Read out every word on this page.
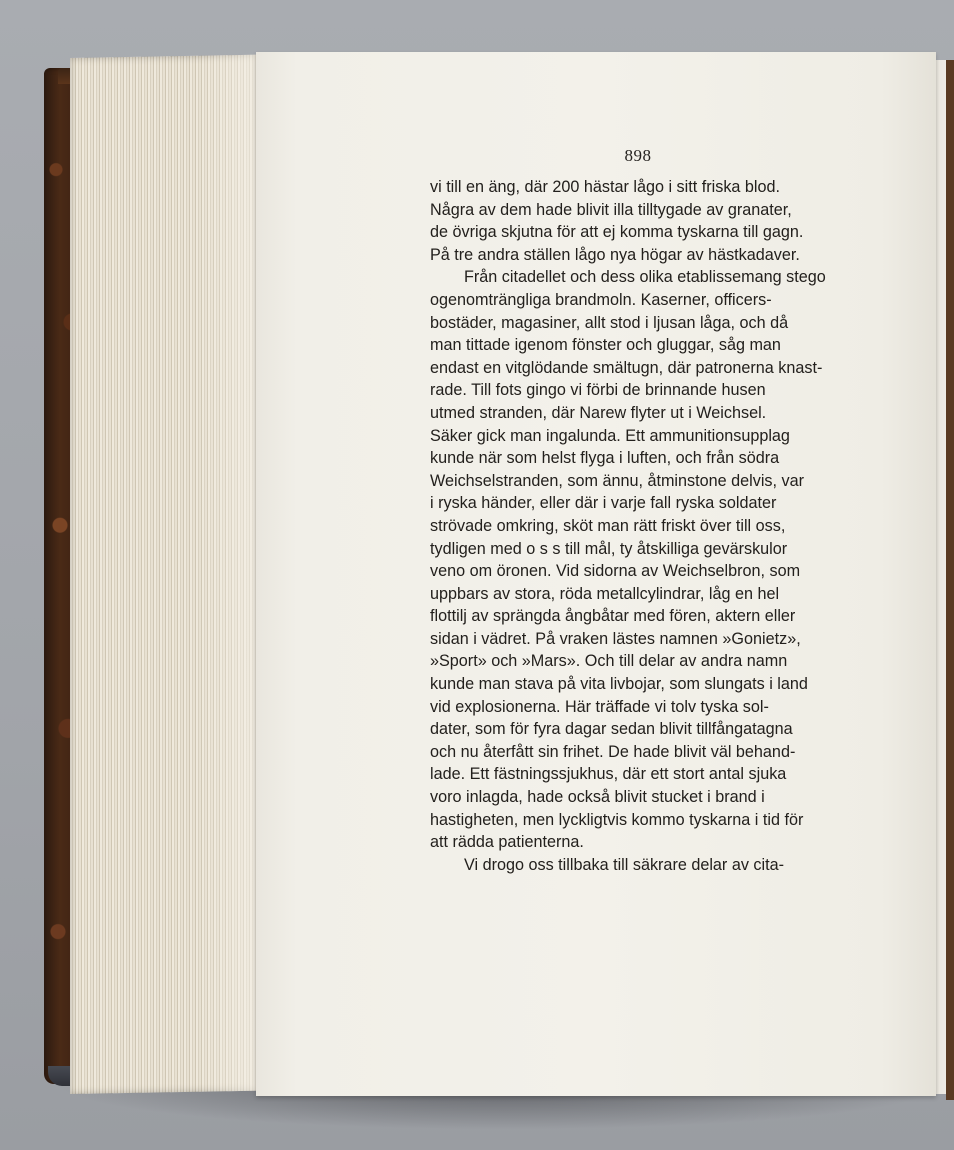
898
vi till en äng, där 200 hästar lågo i sitt friska blod.
Några av dem hade blivit illa tilltygade av granater,
de övriga skjutna för att ej komma tyskarna till gagn.
På tre andra ställen lågo nya högar av hästkadaver.
Från citadellet och dess olika etablissemang stego
ogenomträngliga brandmoln. Kaserner, officers-
bostäder, magasiner, allt stod i ljusan låga, och då
man tittade igenom fönster och gluggar, såg man
endast en vitglödande smältugn, där patronerna knast-
rade. Till fots gingo vi förbi de brinnande husen
utmed stranden, där Narew flyter ut i Weichsel.
Säker gick man ingalunda. Ett ammunitionsupplag
kunde när som helst flyga i luften, och från södra
Weichselstranden, som ännu, åtminstone delvis, var
i ryska händer, eller där i varje fall ryska soldater
strövade omkring, sköt man rätt friskt över till oss,
tydligen med o s s till mål, ty åtskilliga gevärskulor
veno om öronen. Vid sidorna av Weichselbron, som
uppbars av stora, röda metallcylindrar, låg en hel
flottilj av sprängda ångbåtar med fören, aktern eller
sidan i vädret. På vraken lästes namnen »Gonietz»,
»Sport» och »Mars». Och till delar av andra namn
kunde man stava på vita livbojar, som slungats i land
vid explosionerna. Här träffade vi tolv tyska sol-
dater, som för fyra dagar sedan blivit tillfångatagna
och nu återfått sin frihet. De hade blivit väl behand-
lade. Ett fästningssjukhus, där ett stort antal sjuka
voro inlagda, hade också blivit stucket i brand i
hastigheten, men lyckligtvis kommo tyskarna i tid för
att rädda patienterna.
Vi drogo oss tillbaka till säkrare delar av cita-
